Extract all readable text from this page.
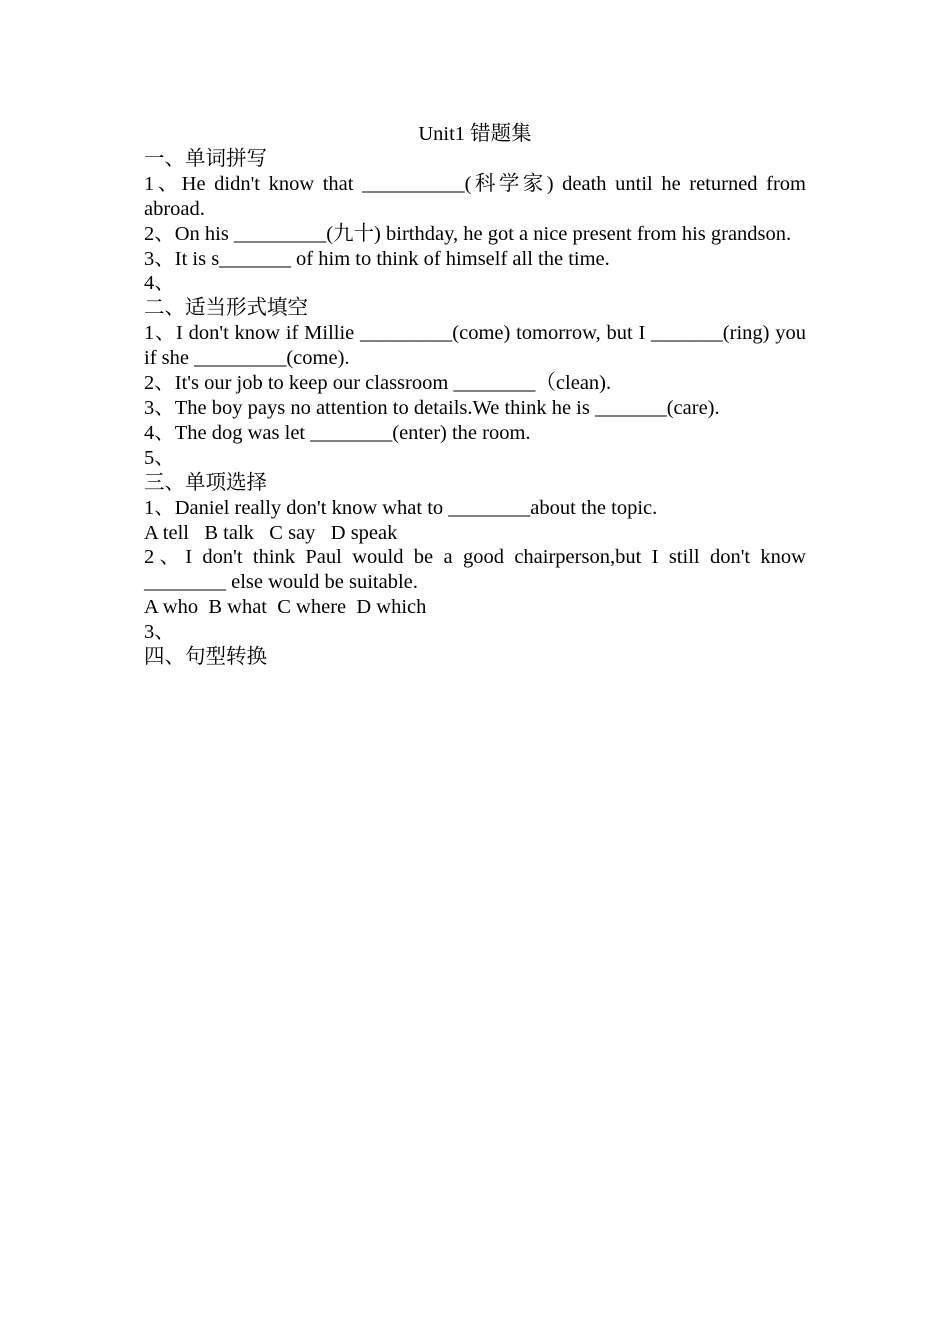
Unit1 错题集
一、单词拼写
1、He didn't know that __________(科学家) death until he returned from abroad.
2、On his _________(九十) birthday, he got a nice present from his grandson.
3、It is s_______ of him to think of himself all the time.
4、
二、适当形式填空
1、I don't know if Millie _________(come) tomorrow, but I _______(ring) you if she _________(come).
2、It's our job to keep our classroom ________（clean).
3、The boy pays no attention to details.We think he is _______(care).
4、The dog was let ________(enter) the room.
5、
三、单项选择
1、Daniel really don't know what to ________about the topic.
A tell   B talk   C say   D speak
2、I don't think Paul would be a good chairperson,but I still don't know ________ else would be suitable.
A who  B what  C where  D which
3、
四、句型转换
